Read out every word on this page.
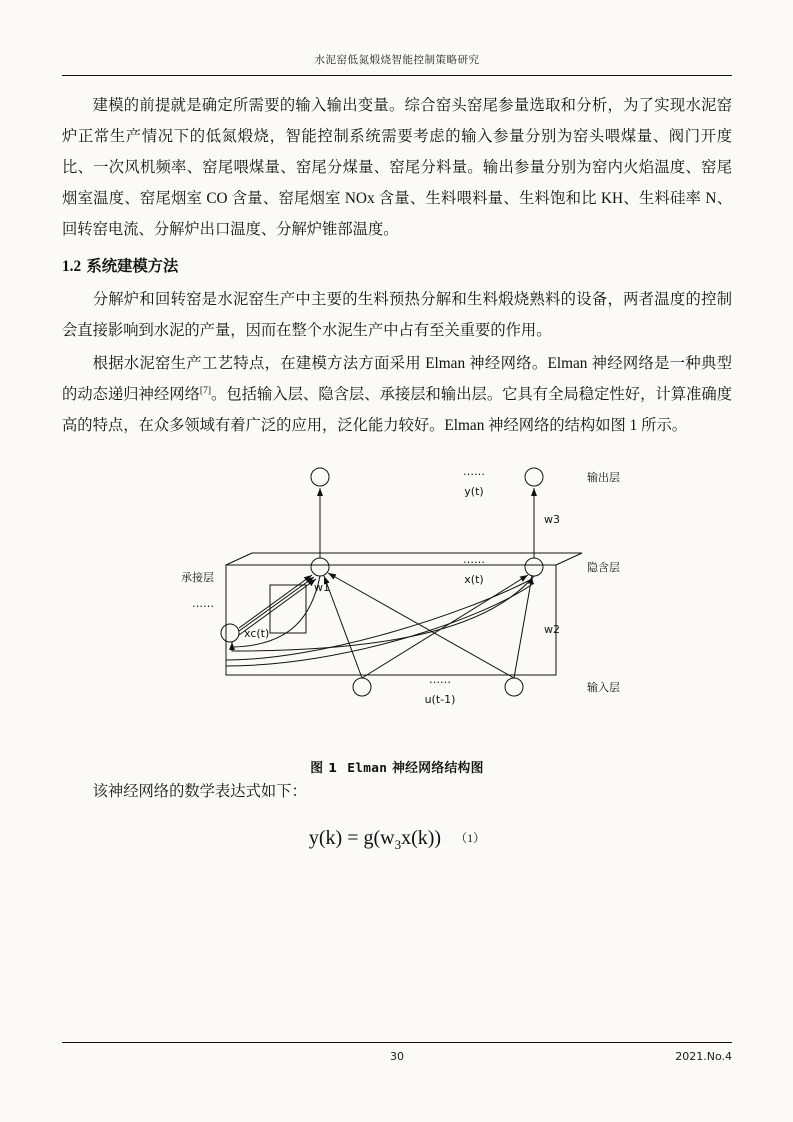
水泥窑低氮煅烧智能控制策略研究

建模的前提就是确定所需要的输入输出变量。综合窑头窑尾参量选取和分析，为了实现水泥窑炉正常生产情况下的低氮煅烧，智能控制系统需要考虑的输入参量分别为窑头喂煤量、阀门开度比、一次风机频率、窑尾喂煤量、窑尾分煤量、窑尾分料量。输出参量分别为窑内火焰温度、窑尾烟室温度、窑尾烟室 CO 含量、窑尾烟室 NOx 含量、生料喂料量、生料饱和比 KH、生料硅率 N、回转窑电流、分解炉出口温度、分解炉锥部温度。

1.2 系统建模方法

分解炉和回转窑是水泥窑生产中主要的生料预热分解和生料煅烧熟料的设备，两者温度的控制会直接影响到水泥的产量，因而在整个水泥生产中占有至关重要的作用。

根据水泥窑生产工艺特点，在建模方法方面采用 Elman 神经网络。Elman 神经网络是一种典型的动态递归神经网络[7]。包括输入层、隐含层、承接层和输出层。它具有全局稳定性好，计算准确度高的特点，在众多领域有着广泛的应用，泛化能力较好。Elman 神经网络的结构如图 1 所示。

……
y(t)
……
x(t)
……
u(t-1)
输出层
隐含层
输入层
承接层
……
xc(t)
w1
w2
w3
图 1 Elman 神经网络结构图

该神经网络的数学表达式如下：

$y(k) = g(w_3x(k))$ （1）
30	2021.No.4
